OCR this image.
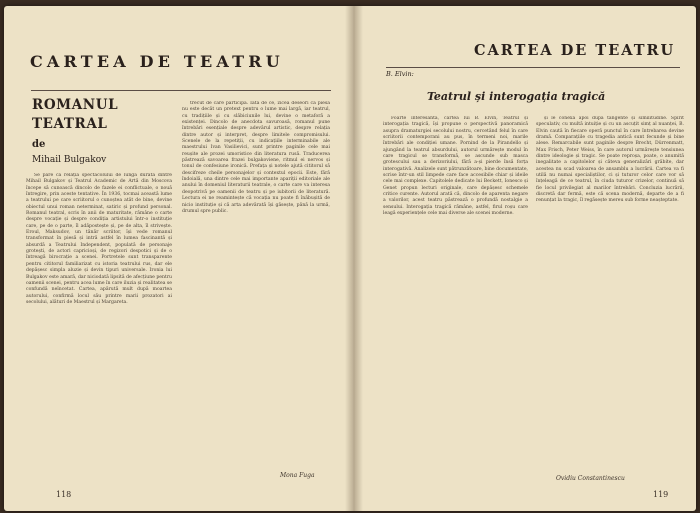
CARTEA DE TEATRU
ROMANUL
TEATRAL
de
Mihail Bulgakov

Se pare că relația spectacolului de lungă durată dintre Mihail Bulgakov și Teatrul Academic de Artă din Moscova începe să cunoască dincolo de fazele ei conflictuale, o nouă întregire, prin aceste tentative. În 1936, tocmai această lume a teatrului pe care scriitorul o cunoștea atât de bine, devine obiectul unui roman neterminat, satiric și profund personal. Romanul teatral, scris în anii de maturitate, rămâne o carte despre vocație și despre condiția artistului într-o instituție care, pe de o parte, îl adăpostește și, pe de alta, îl strivește. Eroul, Maksudov, un tânăr scriitor, își vede romanul transformat în piesă și intră astfel în lumea fascinantă și absurdă a Teatrului Independent, populată de personaje grotești, de actori capricioși, de regizori despotici și de o întreagă birocrație a scenei. Portretele sunt transparente pentru cititorul familiarizat cu istoria teatrului rus, dar ele depășesc simpla aluzie și devin tipuri universale. Ironia lui Bulgakov este amară, dar niciodată lipsită de afecțiune pentru oamenii scenei, pentru acea lume în care iluzia și realitatea se confundă neîncetat. Cartea, apărută mult după moartea autorului, confirmă locul său printre marii prozatori ai secolului, alături de Maestrul și Margareta.

trecut de care participă. Iată de ce, zicea deseori că piesa nu este decât un pretext pentru o lume mai largă, iar teatrul, cu tradițiile și cu slăbiciunile lui, devine o metaforă a existenței. Dincolo de anecdota savuroasă, romanul pune întrebări esențiale despre adevărul artistic, despre relația dintre autor și interpret, despre limitele compromisului. Scenele de la repetiții, cu indicațiile interminabile ale maestrului Ivan Vasilievici, sunt printre paginile cele mai reușite ale prozei umoristice din literatura rusă. Traducerea păstrează savoarea frazei bulgakoviene, ritmul ei nervos și tonul de confesiune ironică. Prefața și notele ajută cititorul să descifreze cheile personajelor și contextul epocii. Este, fără îndoială, una dintre cele mai importante apariții editoriale ale anului în domeniul literaturii teatrale, o carte care va interesa deopotrivă pe oamenii de teatru și pe iubitorii de literatură. Lectura ei ne reamintește că vocația nu poate fi înăbușită de nicio instituție și că arta adevărată își găsește, până la urmă, drumul spre public.

Mona Fuga
118
CARTEA DE TEATRU
B. Elvin:
Teatrul și interogația tragică

Foarte interesantă, cartea lui B. Elvin, Teatrul și interogația tragică, își propune o perspectivă panoramică asupra dramaturgiei secolului nostru, cercetând felul în care scriitorii contemporani au pus, în termeni noi, marile întrebări ale condiției umane. Pornind de la Pirandello și ajungând la teatrul absurdului, autorul urmărește modul în care tragicul se transformă, se ascunde sub masca grotescului sau a derizoriului, fără a-și pierde însă forța interogativă. Analizele sunt pătrunzătoare, bine documentate, scrise într-un stil limpede care face accesibile chiar și ideile cele mai complexe. Capitolele dedicate lui Beckett, Ionesco și Genet propun lecturi originale, care depășesc schemele critice curente. Autorul arată că, dincolo de aparenta negare a valorilor, acest teatru păstrează o profundă nostalgie a sensului. Interogația tragică rămâne, astfel, firul roșu care leagă experiențele cele mai diverse ale scenei moderne.

și le conexa apoi după tangente și similitudine. Spirit speculativ, cu multă intuiție și cu un ascuțit simț al nuanței, B. Elvin caută în fiecare operă punctul în care întrebarea devine dramă. Comparațiile cu tragedia antică sunt fecunde și bine alese. Remarcabile sunt paginile despre Brecht, Dürrenmatt, Max Frisch, Peter Weiss, în care autorul urmărește tensiunea dintre ideologie și tragic. Se poate reproșa, poate, o anumită inegalitate a capitolelor și câteva generalizări grăbite, dar acestea nu scad valoarea de ansamblu a lucrării. Cartea va fi utilă nu numai specialiștilor, ci și tuturor celor care vor să înțeleagă de ce teatrul, în ciuda tuturor crizelor, continuă să fie locul privilegiat al marilor întrebări. Concluzia lucrării, discretă dar fermă, este că scena modernă, departe de a fi renunțat la tragic, îl regăsește mereu sub forme neașteptate.

Ovidiu Constantinescu
119
